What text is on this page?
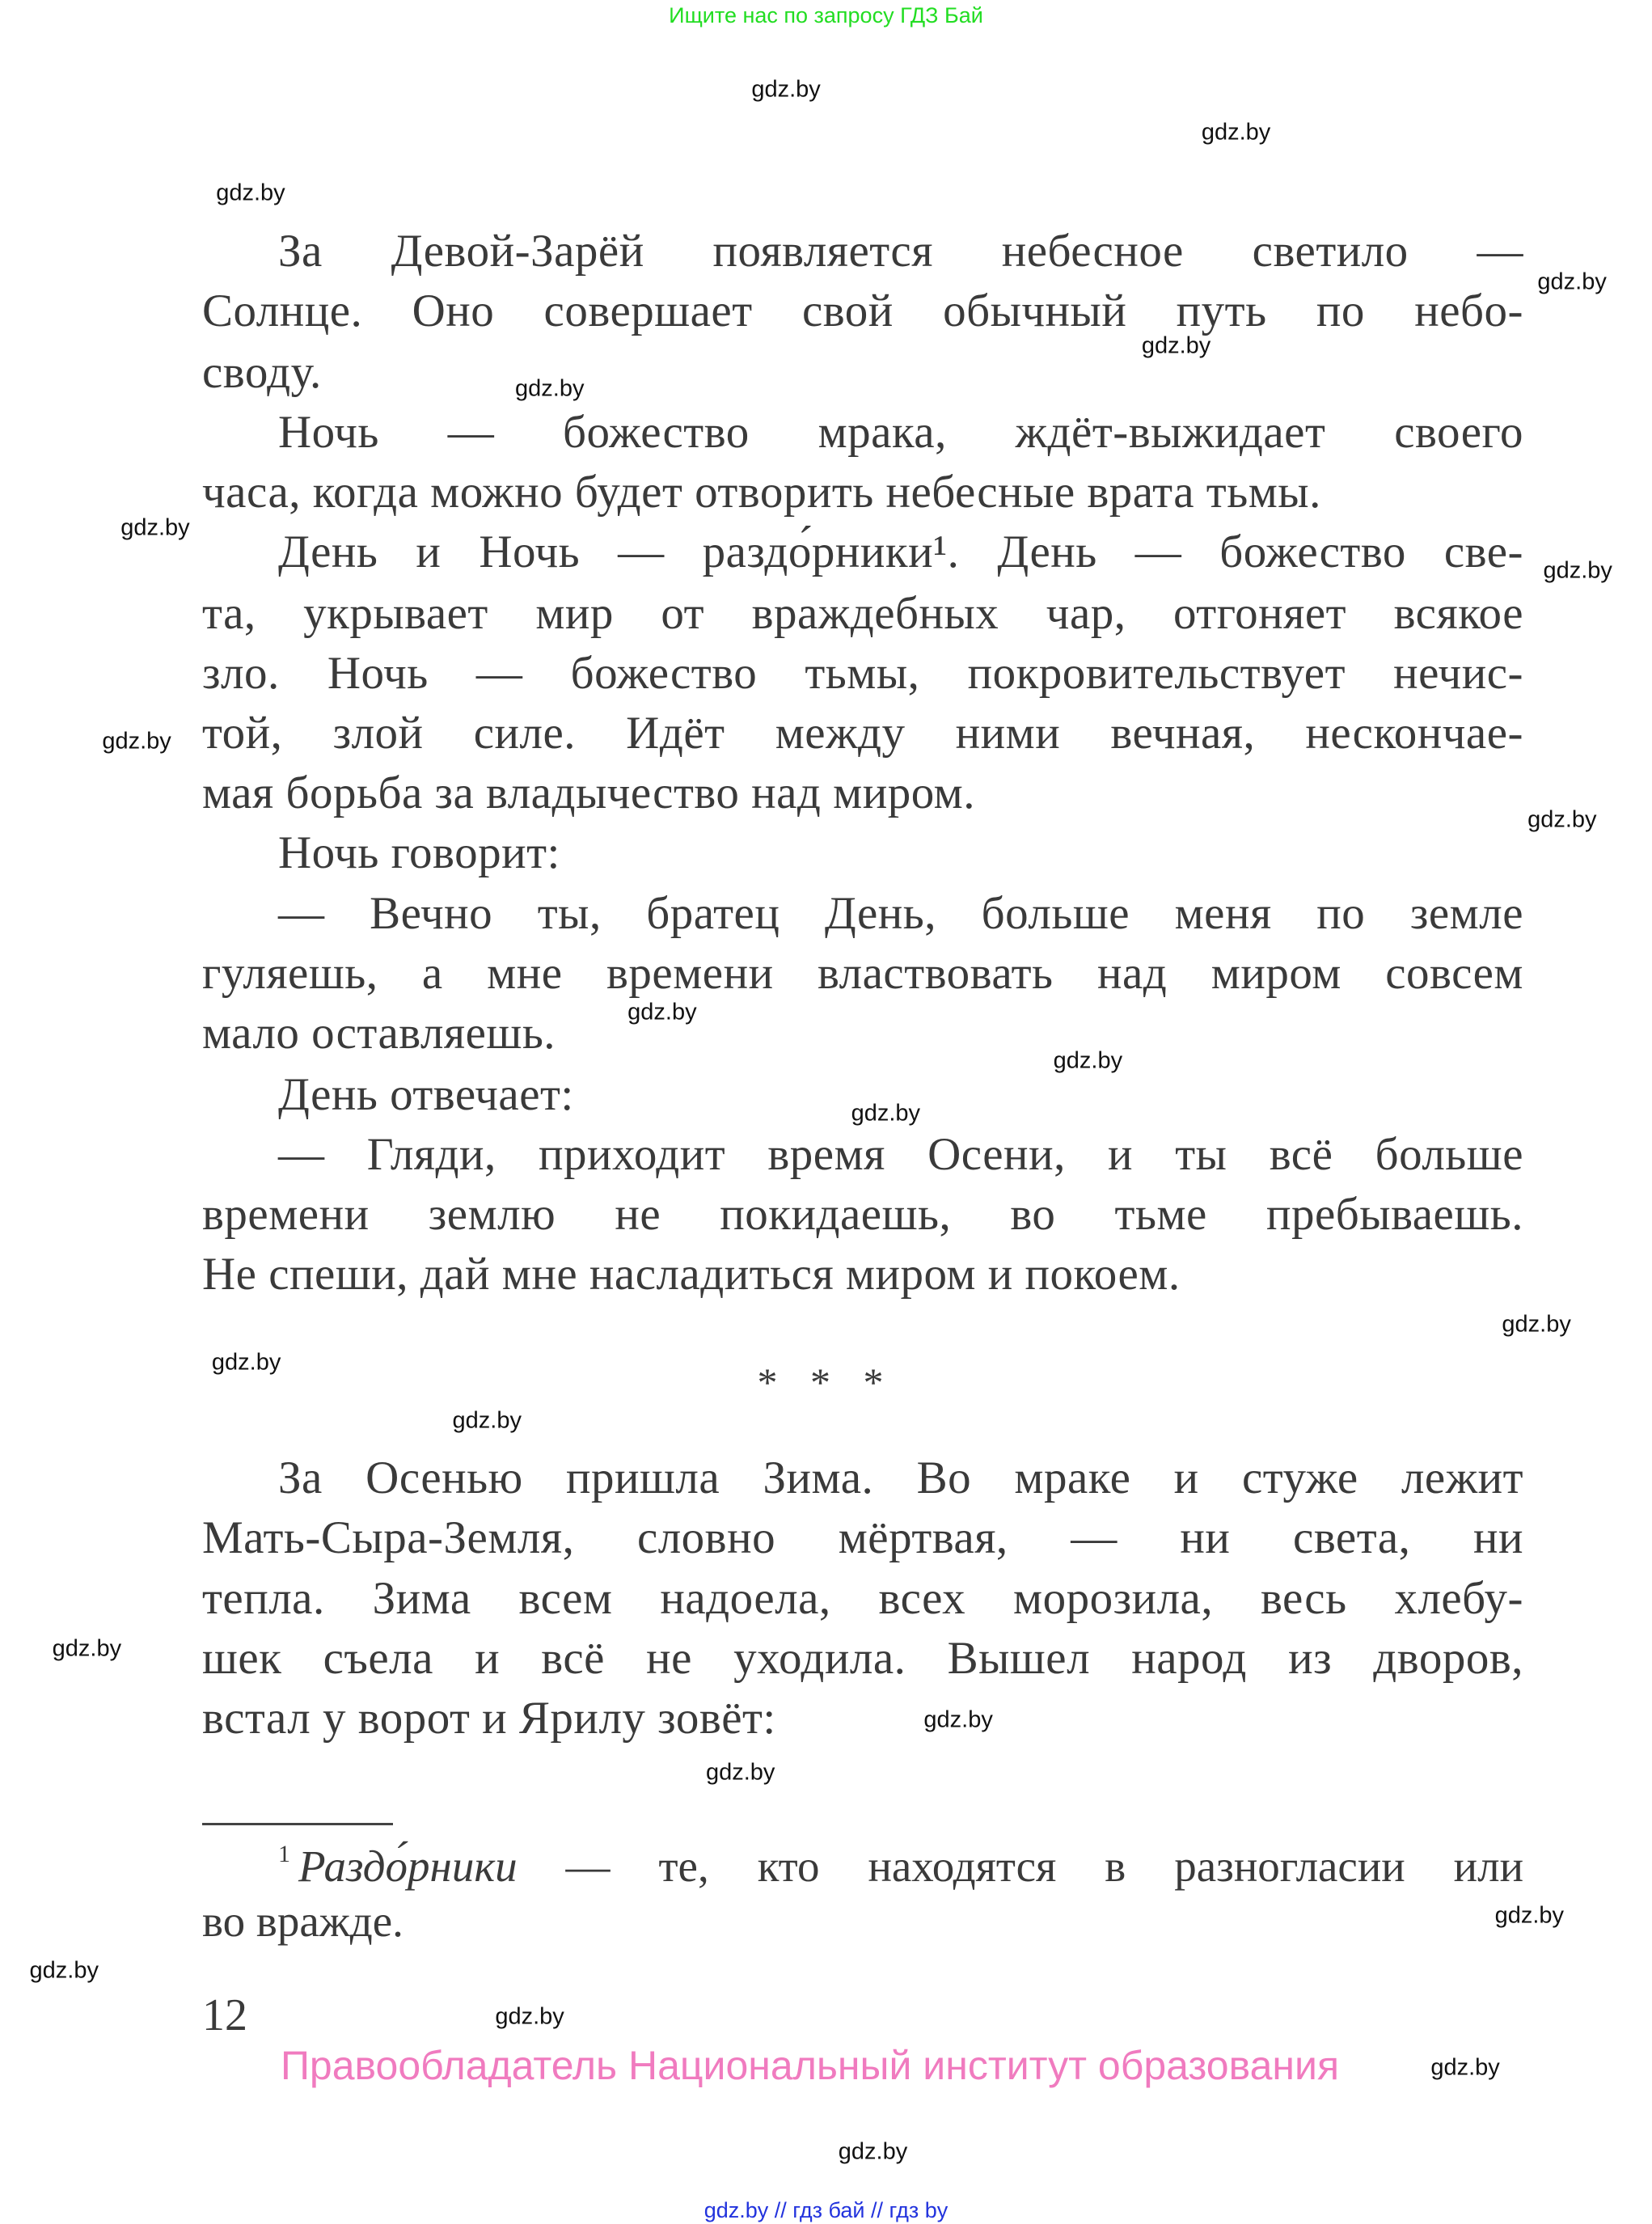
Ищите нас по запросу ГДЗ Бай
За Девой-Зарёй появляется небесное светило —
Солнце. Оно совершает свой обычный путь по небо-
своду.
Ночь — божество мрака, ждёт-выжидает своего
часа, когда можно будет отворить небесные врата тьмы.
День и Ночь — раздо́рники¹. День — божество све-
та, укрывает мир от враждебных чар, отгоняет всякое
зло. Ночь — божество тьмы, покровительствует нечис-
той, злой силе. Идёт между ними вечная, нескончае-
мая борьба за владычество над миром.
Ночь говорит:
— Вечно ты, братец День, больше меня по земле
гуляешь, а мне времени властвовать над миром совсем
мало оставляешь.
День отвечает:
— Гляди, приходит время Осени, и ты всё больше
времени землю не покидаешь, во тьме пребываешь.
Не спеши, дай мне насладиться миром и покоем.
За Осенью пришла Зима. Во мраке и стуже лежит
Мать-Сыра-Земля, словно мёртвая, — ни света, ни
тепла. Зима всем надоела, всех морозила, весь хлебу-
шек съела и всё не уходила. Вышел народ из дворов,
встал у ворот и Ярилу зовёт:
* * *
$^1$ Раздо́рники — те, кто находятся в разногласии или
во вражде.
12
Правообладатель Национальный институт образования
gdz.by // гдз бай // гдз by
gdz.by
gdz.by
gdz.by
gdz.by
gdz.by
gdz.by
gdz.by
gdz.by
gdz.by
gdz.by
gdz.by
gdz.by
gdz.by
gdz.by
gdz.by
gdz.by
gdz.by
gdz.by
gdz.by
gdz.by
gdz.by
gdz.by
gdz.by
gdz.by
